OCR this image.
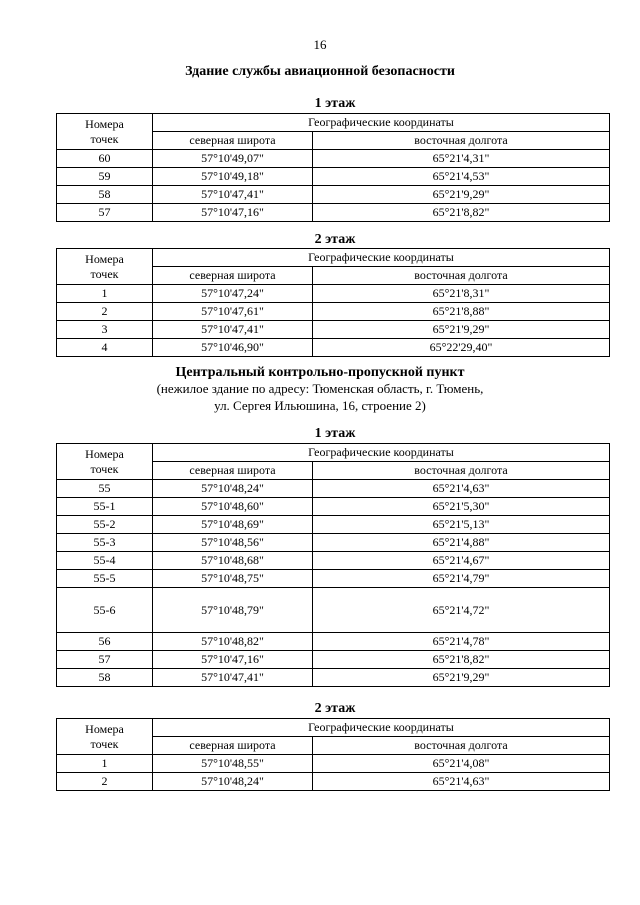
16
Здание службы авиационной безопасности
1 этаж
Номера
точек	Географические координаты	
	северная широта	восточная долгота
60	57°10'49,07"	65°21'4,31"
59	57°10'49,18"	65°21'4,53"
58	57°10'47,41"	65°21'9,29"
57	57°10'47,16"	65°21'8,82"
2 этаж
Номера
точек	Географические координаты	
	северная широта	восточная долгота
1	57°10'47,24"	65°21'8,31"
2	57°10'47,61"	65°21'8,88"
3	57°10'47,41"	65°21'9,29"
4	57°10'46,90"	65°22'29,40"
Центральный контрольно-пропускной пункт
(нежилое здание по адресу: Тюменская область, г. Тюмень,
ул. Сергея Ильюшина, 16, строение 2)
1 этаж
Номера
точек	Географические координаты	
	северная широта	восточная долгота
55	57°10'48,24"	65°21'4,63"
55-1	57°10'48,60"	65°21'5,30"
55-2	57°10'48,69"	65°21'5,13"
55-3	57°10'48,56"	65°21'4,88"
55-4	57°10'48,68"	65°21'4,67"
55-5	57°10'48,75"	65°21'4,79"
55-6	57°10'48,79"	65°21'4,72"
56	57°10'48,82"	65°21'4,78"
57	57°10'47,16"	65°21'8,82"
58	57°10'47,41"	65°21'9,29"
2 этаж
Номера
точек	Географические координаты	
	северная широта	восточная долгота
1	57°10'48,55"	65°21'4,08"
2	57°10'48,24"	65°21'4,63"
